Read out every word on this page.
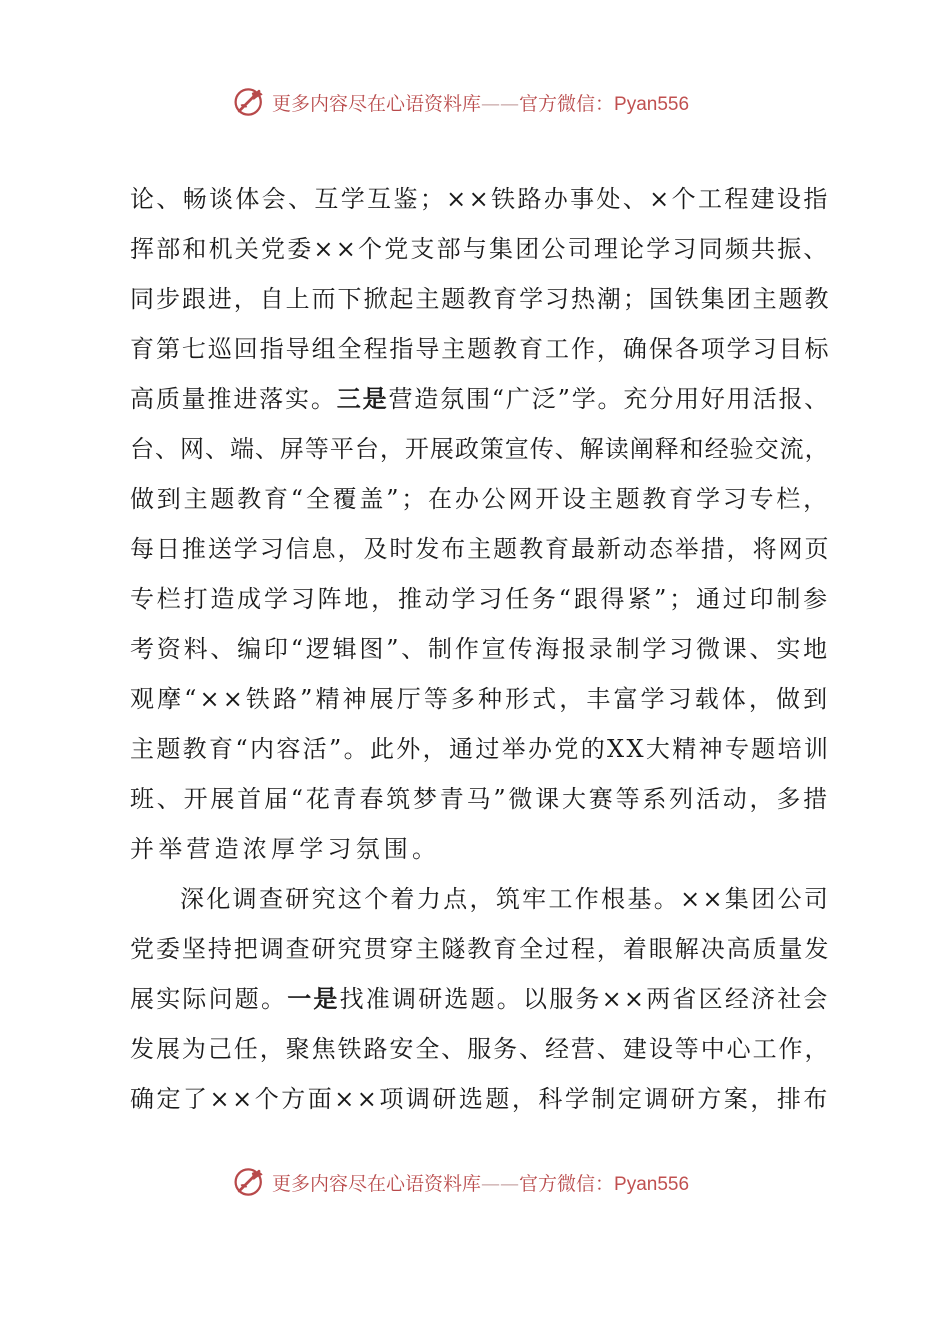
更多内容尽在心语资料库——官方微信：Pyan556
论、畅谈体会、互学互鉴；××铁路办事处、×个工程建设指
挥部和机关党委××个党支部与集团公司理论学习同频共振、
同步跟进，自上而下掀起主题教育学习热潮；国铁集团主题教
育第七巡回指导组全程指导主题教育工作，确保各项学习目标
高质量推进落实。三是营造氛围“广泛”学。充分用好用活报、
台、网、端、屏等平台，开展政策宣传、解读阐释和经验交流，
做到主题教育“全覆盖”；在办公网开设主题教育学习专栏，
每日推送学习信息，及时发布主题教育最新动态举措，将网页
专栏打造成学习阵地，推动学习任务“跟得紧”；通过印制参
考资料、编印“逻辑图”、制作宣传海报录制学习微课、实地
观摩“××铁路”精神展厅等多种形式，丰富学习载体，做到
主题教育“内容活”。此外，通过举办党的XX大精神专题培训
班、开展首届“花青春筑梦青马”微课大赛等系列活动，多措
并举营造浓厚学习氛围。
深化调查研究这个着力点，筑牢工作根基。××集团公司
党委坚持把调查研究贯穿主隧教育全过程，着眼解决高质量发
展实际问题。一是找准调研选题。以服务××两省区经济社会
发展为己任，聚焦铁路安全、服务、经营、建设等中心工作，
确定了××个方面××项调研选题，科学制定调研方案，排布
更多内容尽在心语资料库——官方微信：Pyan556
